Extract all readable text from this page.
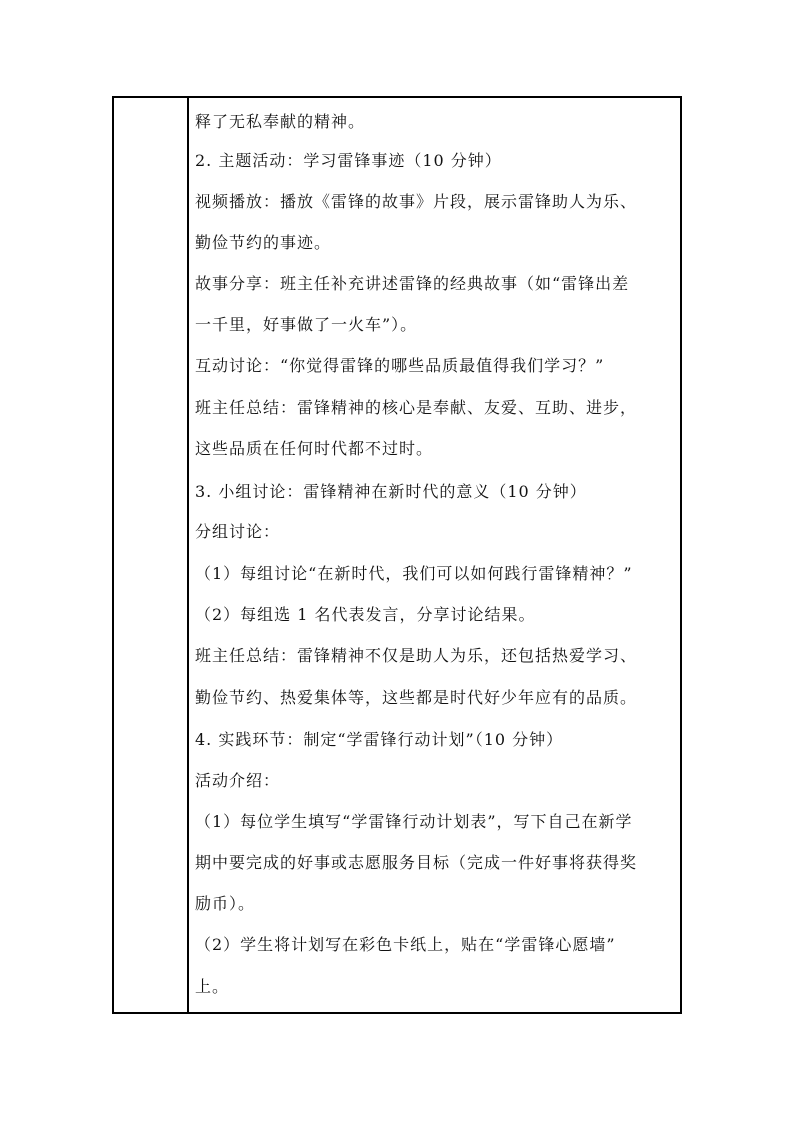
释了无私奉献的精神。
2. 主题活动：学习雷锋事迹（10 分钟）
视频播放：播放《雷锋的故事》片段，展示雷锋助人为乐、
勤俭节约的事迹。
故事分享：班主任补充讲述雷锋的经典故事（如“雷锋出差
一千里，好事做了一火车”）。
互动讨论：“你觉得雷锋的哪些品质最值得我们学习？”
班主任总结：雷锋精神的核心是奉献、友爱、互助、进步，
这些品质在任何时代都不过时。
3. 小组讨论：雷锋精神在新时代的意义（10 分钟）
分组讨论：
（1）每组讨论“在新时代，我们可以如何践行雷锋精神？”
（2）每组选 1 名代表发言，分享讨论结果。
班主任总结：雷锋精神不仅是助人为乐，还包括热爱学习、
勤俭节约、热爱集体等，这些都是时代好少年应有的品质。
4. 实践环节：制定“学雷锋行动计划”（10 分钟）
活动介绍：
（1）每位学生填写“学雷锋行动计划表”，写下自己在新学
期中要完成的好事或志愿服务目标（完成一件好事将获得奖
励币）。
（2）学生将计划写在彩色卡纸上，贴在“学雷锋心愿墙”
上。
